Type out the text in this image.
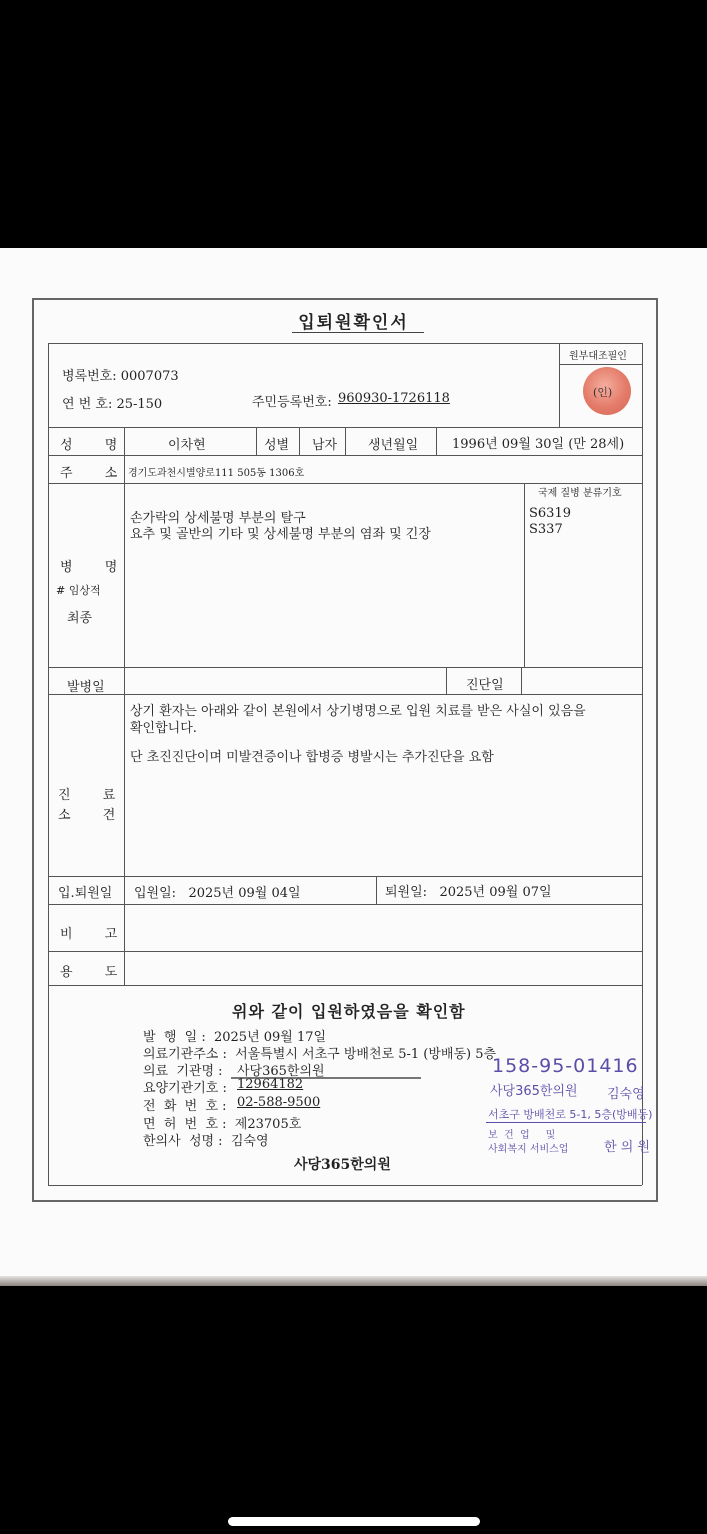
입퇴원확인서
원부대조필인
(인)
병록번호: 0007073
연 번 호: 25-150	주민등록번호: 960930-1726118
성 명	이차현	성별 남자 생년월일	1996년 09월 30일 (만 28세)
주 소 경기도과천시별양로111 505동 1306호
병 명
# 임상적
최종
손가락의 상세불명 부분의 탈구
요추 및 골반의 기타 및 상세불명 부분의 염좌 및 긴장
국제 질병 분류기호
S6319
S337
발병일	진단일
진 료
소 견
상기 환자는 아래와 같이 본원에서 상기병명으로 입원 치료를 받은 사실이 있음을
확인합니다.
단 초진진단이며 미발견증이나 합병증 병발시는 추가진단을 요함
입.퇴원일 입원일:   2025년 09월 04일	퇴원일:   2025년 09월 07일
비 고
용 도
위와 같이 입원하였음을 확인함
발  행  일 :  2025년 09월 17일
의료기관주소 :  서울특별시 서초구 방배천로 5-1 (방배동) 5층
의료  기관명 : 사당365한의원
요양기관기호 : 12964182
전  화  번  호 : 02-588-9500
면  허  번  호 :  제23705호
한의사  성명 :  김숙영
사당365한의원
158-95-01416
사당365한의원 김숙영
서초구 방배천로 5-1, 5층(방배동)
보  건  업     및
사회복지 서비스업	한 의 원
